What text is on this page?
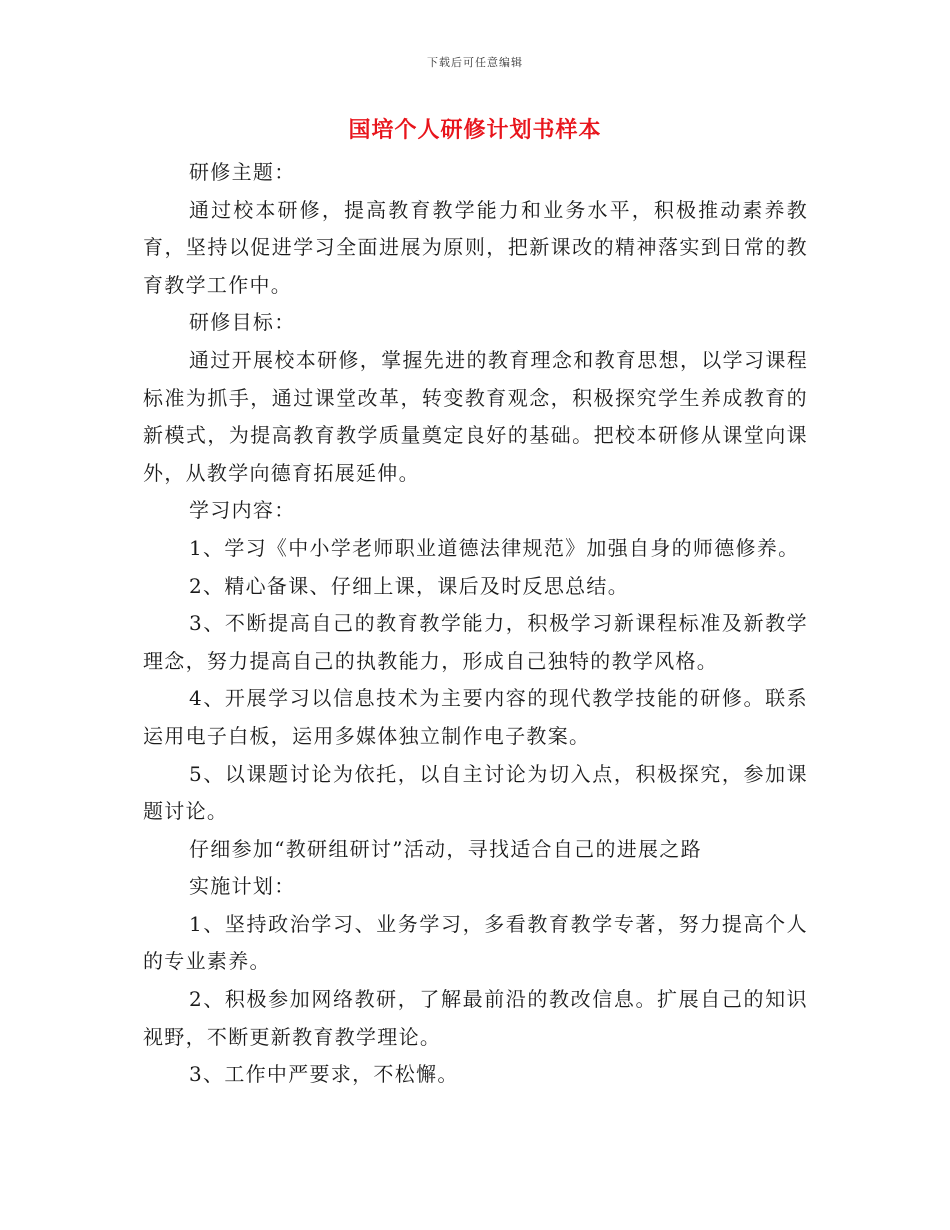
下载后可任意编辑
国培个人研修计划书样本

研修主题：

通过校本研修，提高教育教学能力和业务水平，积极推动素养教育，坚持以促进学习全面进展为原则，把新课改的精神落实到日常的教育教学工作中。

研修目标：

通过开展校本研修，掌握先进的教育理念和教育思想，以学习课程标准为抓手，通过课堂改革，转变教育观念，积极探究学生养成教育的新模式，为提高教育教学质量奠定良好的基础。把校本研修从课堂向课外，从教学向德育拓展延伸。

学习内容：

1、学习《中小学老师职业道德法律规范》加强自身的师德修养。

2、精心备课、仔细上课，课后及时反思总结。

3、不断提高自己的教育教学能力，积极学习新课程标准及新教学理念，努力提高自己的执教能力，形成自己独特的教学风格。

4、开展学习以信息技术为主要内容的现代教学技能的研修。联系运用电子白板，运用多媒体独立制作电子教案。

5、以课题讨论为依托，以自主讨论为切入点，积极探究，参加课题讨论。

仔细参加“教研组研讨”活动，寻找适合自己的进展之路

实施计划：

1、坚持政治学习、业务学习，多看教育教学专著，努力提高个人的专业素养。

2、积极参加网络教研，了解最前沿的教改信息。扩展自己的知识视野，不断更新教育教学理论。

3、工作中严要求，不松懈。
